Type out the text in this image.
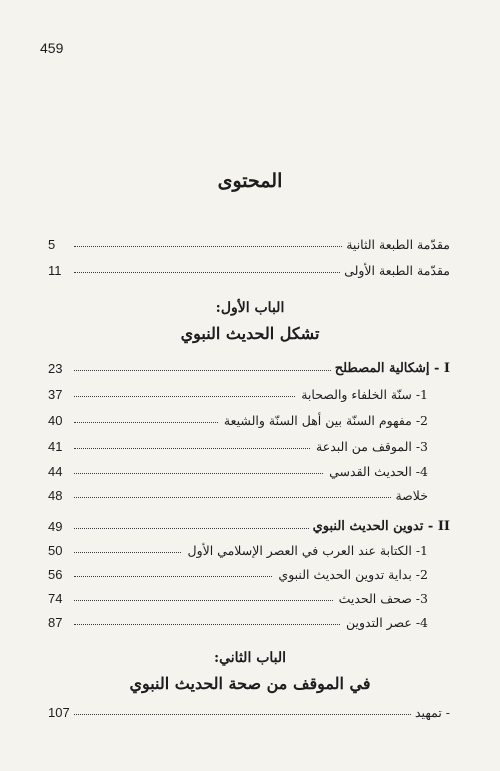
459
المحتوى
مقدّمة الطبعة الثانية
5
مقدّمة الطبعة الأولى
11
الباب الأول:
تشكل الحديث النبوي
I - إشكالية المصطلح
23
1- سنّة الخلفاء والصحابة
37
2- مفهوم السنّة بين أهل السنّة والشيعة
40
3- الموقف من البدعة
41
4- الحديث القدسي
44
خلاصة
48
II - تدوين الحديث النبوي
49
1- الكتابة عند العرب في العصر الإسلامي الأول
50
2- بداية تدوين الحديث النبوي
56
3- صحف الحديث
74
4- عصر التدوين
87
الباب الثاني:
في الموقف من صحة الحديث النبوي
- تمهيد
107
